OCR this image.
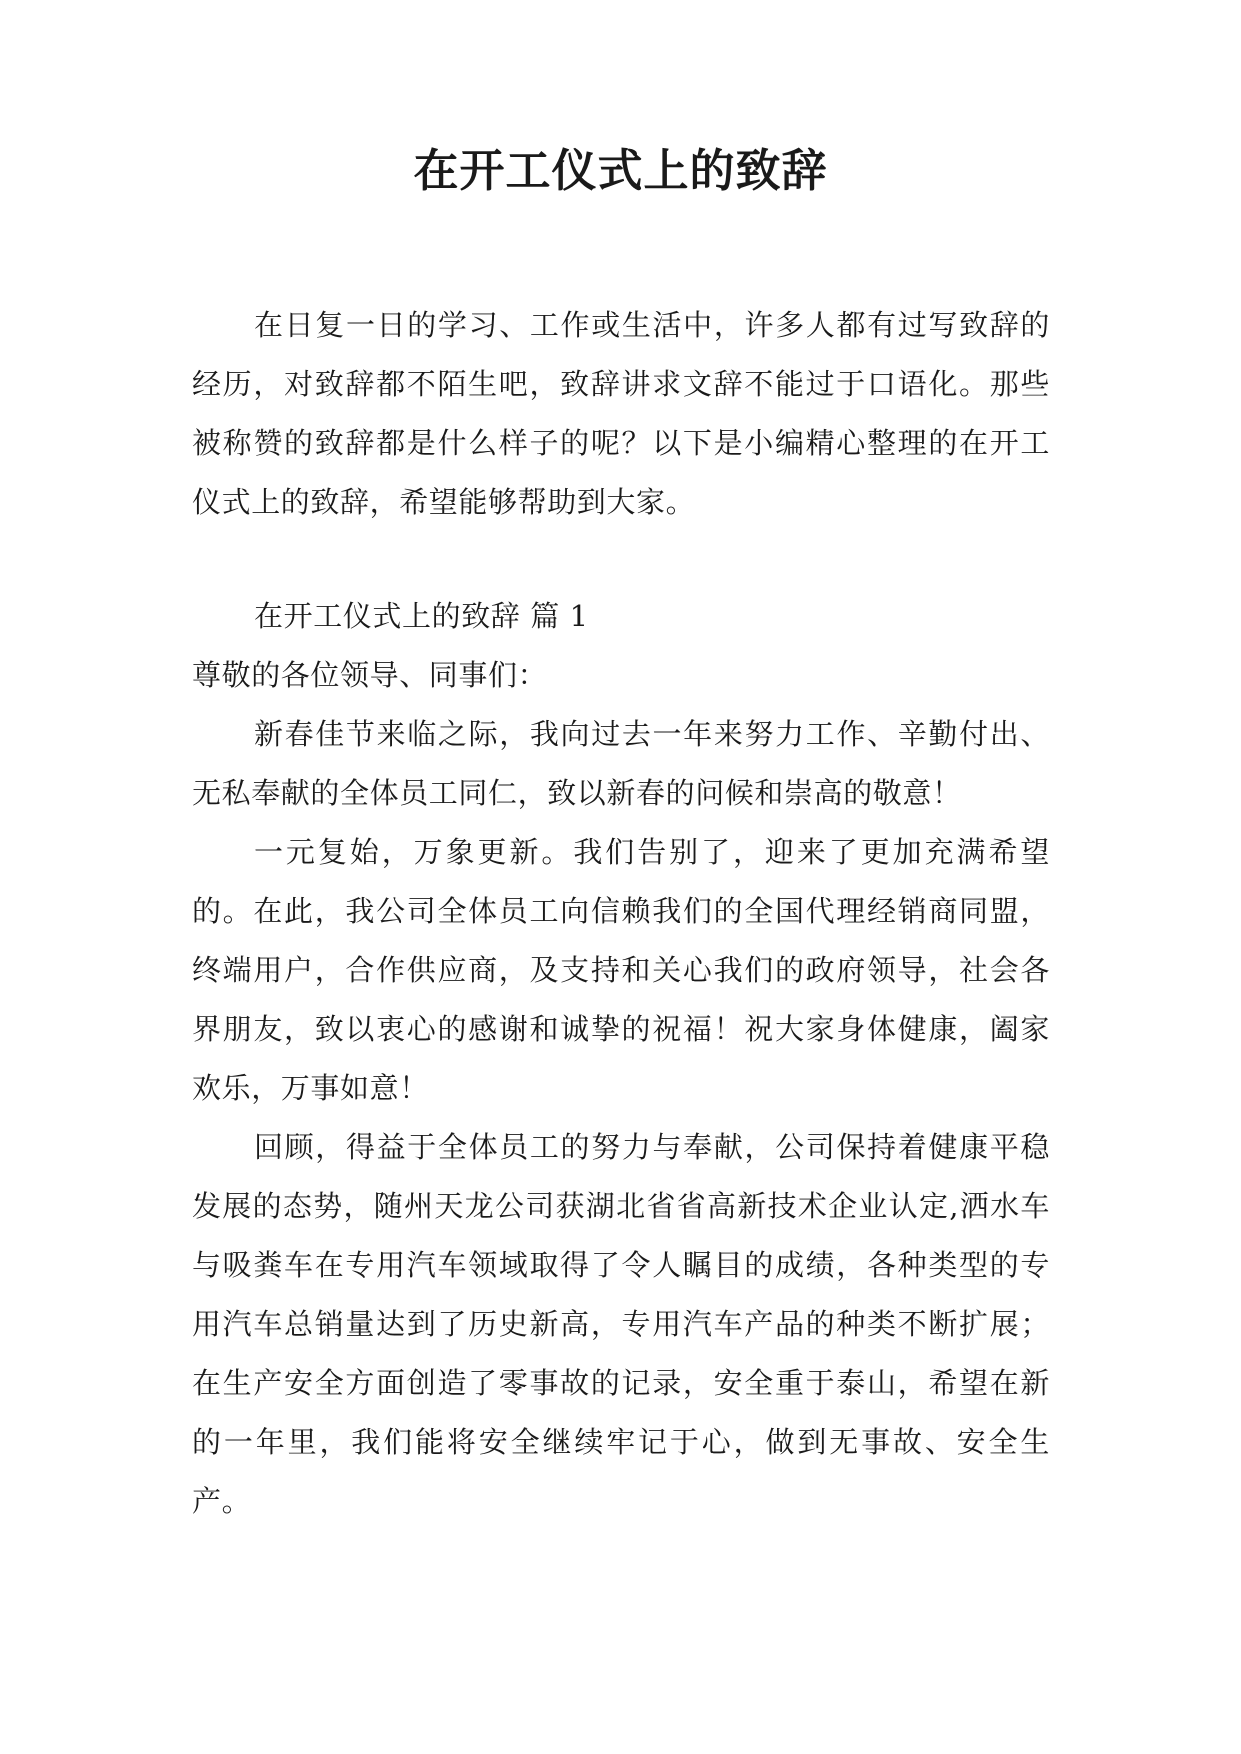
在开工仪式上的致辞

在日复一日的学习、工作或生活中，许多人都有过写致辞的经历，对致辞都不陌生吧，致辞讲求文辞不能过于口语化。那些被称赞的致辞都是什么样子的呢？以下是小编精心整理的在开工仪式上的致辞，希望能够帮助到大家。

在开工仪式上的致辞 篇 1

尊敬的各位领导、同事们：

新春佳节来临之际，我向过去一年来努力工作、辛勤付出、无私奉献的全体员工同仁，致以新春的问候和崇高的敬意！

一元复始，万象更新。我们告别了，迎来了更加充满希望的。在此，我公司全体员工向信赖我们的全国代理经销商同盟，终端用户，合作供应商，及支持和关心我们的政府领导，社会各界朋友，致以衷心的感谢和诚挚的祝福！祝大家身体健康，阖家欢乐，万事如意！

回顾，得益于全体员工的努力与奉献，公司保持着健康平稳发展的态势，随州天龙公司获湖北省省高新技术企业认定,洒水车与吸粪车在专用汽车领域取得了令人瞩目的成绩，各种类型的专用汽车总销量达到了历史新高，专用汽车产品的种类不断扩展；在生产安全方面创造了零事故的记录，安全重于泰山，希望在新的一年里，我们能将安全继续牢记于心，做到无事故、安全生产。
